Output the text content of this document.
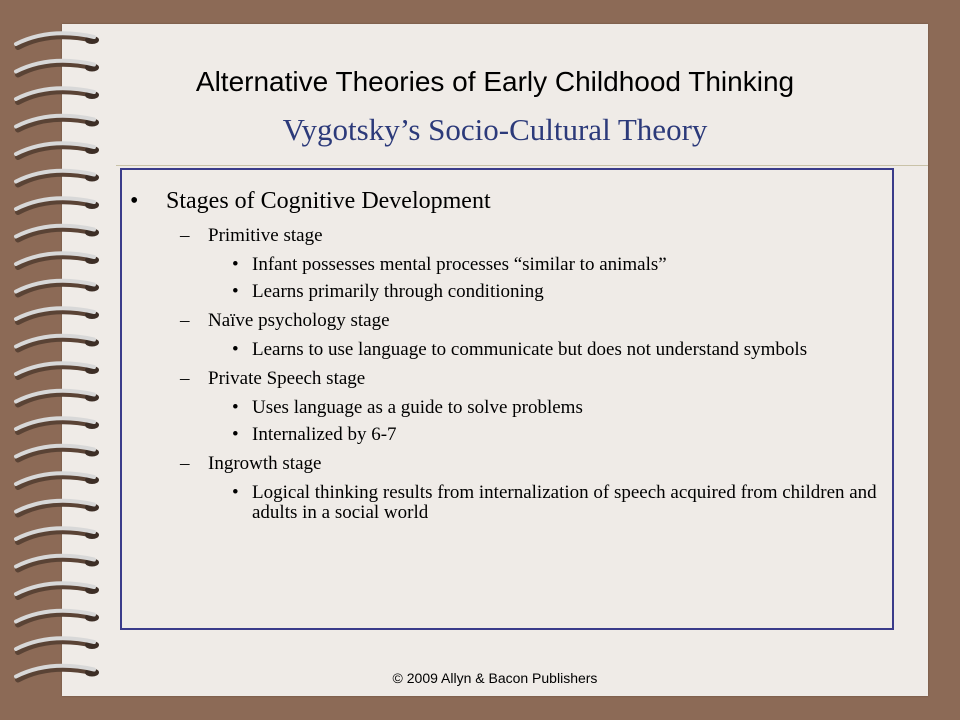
Alternative Theories of Early Childhood Thinking
Vygotsky’s Socio-Cultural Theory
• Stages of Cognitive Development
– Primitive stage
• Infant possesses mental processes “similar to animals”
• Learns primarily through conditioning
– Naïve psychology stage
• Learns to use language to communicate but does not understand symbols
– Private Speech stage
• Uses language as a guide to solve problems
• Internalized by 6-7
– Ingrowth stage
• Logical thinking results from internalization of speech acquired from children and adults in a social world
© 2009 Allyn & Bacon Publishers
